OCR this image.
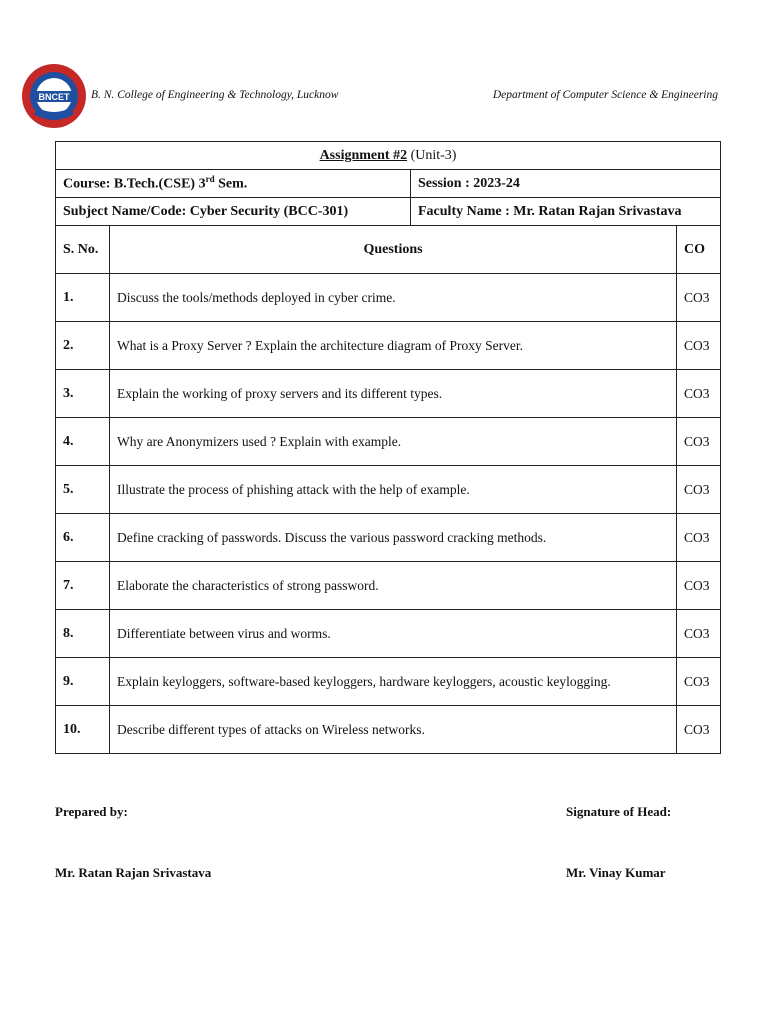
BNCET B. N. College of Engineering & Technology, Lucknow	Department of Computer Science & Engineering
Assignment #2 (Unit-3)			
Course: B.Tech.(CSE) 3rd Sem.		Session : 2023-24	
Subject Name/Code: Cyber Security (BCC-301)		Faculty Name : Mr. Ratan Rajan Srivastava	
S. No.	Questions		CO
1.	Discuss the tools/methods deployed in cyber crime.		CO3
2.	What is a Proxy Server ? Explain the architecture diagram of Proxy Server.		CO3
3.	Explain the working of proxy servers and its different types.		CO3
4.	Why are Anonymizers used ? Explain with example.		CO3
5.	Illustrate the process of phishing attack with the help of example.		CO3
6.	Define cracking of passwords. Discuss the various password cracking methods.		CO3
7.	Elaborate the characteristics of strong password.		CO3
8.	Differentiate between virus and worms.		CO3
9.	Explain keyloggers, software-based keyloggers, hardware keyloggers, acoustic keylogging.		CO3
10.	Describe different types of attacks on Wireless networks.		CO3
Prepared by:	Signature of Head:
Mr. Ratan Rajan Srivastava	Mr. Vinay Kumar
